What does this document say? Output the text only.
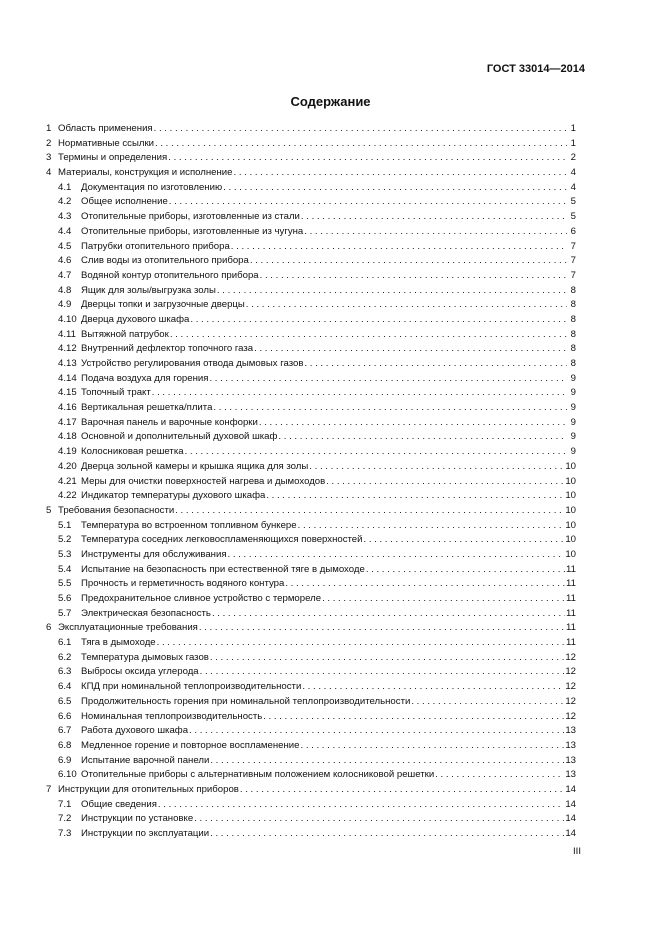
ГОСТ 33014—2014
Содержание
1 Область применения . . .	1
2 Нормативные ссылки . . .	1
3 Термины и определения . . .	2
4 Материалы, конструкция и исполнение . . .	4
4.1	Документация по изготовлению . . .	4
4.2	Общее исполнение . . .	5
4.3	Отопительные приборы, изготовленные из стали . . .	5
4.4	Отопительные приборы, изготовленные из чугуна . . .	6
4.5	Патрубки отопительного прибора . . .	7
4.6	Слив воды из отопительного прибора . . .	7
4.7	Водяной контур отопительного прибора . . .	7
4.8	Ящик для золы/выгрузка золы . . .	8
4.9	Дверцы топки и загрузочные дверцы . . .	8
4.10 Дверца духового шкафа . . .	8
4.11 Вытяжной патрубок . . .	8
4.12 Внутренний дефлектор топочного газа . . .	8
4.13 Устройство регулирования отвода дымовых газов . . .	8
4.14 Подача воздуха для горения . . .	9
4.15 Топочный тракт . . .	9
4.16 Вертикальная решетка/плита . . .	9
4.17 Варочная панель и варочные конфорки . . .	9
4.18 Основной и дополнительный духовой шкаф . . .	9
4.19 Колосниковая решетка . . .	9
4.20 Дверца зольной камеры и крышка ящика для золы . . .	10
4.21 Меры для очистки поверхностей нагрева и дымоходов . . .	10
4.22 Индикатор температуры духового шкафа . . .	10
5 Требования безопасности . . .	10
5.1	Температура во встроенном топливном бункере . . .	10
5.2	Температура соседних легковоспламеняющихся поверхностей . . .	10
5.3	Инструменты для обслуживания . . .	10
5.4	Испытание на безопасность при естественной тяге в дымоходе . . .	11
5.5	Прочность и герметичность водяного контура . . .	11
5.6	Предохранительное сливное устройство с термореле . . .	11
5.7	Электрическая безопасность . . .	11
6 Эксплуатационные требования . . .	11
6.1	Тяга в дымоходе . . .	11
6.2	Температура дымовых газов . . .	12
6.3	Выбросы оксида углерода . . .	12
6.4	КПД при номинальной теплопроизводительности . . .	12
6.5	Продолжительность горения при номинальной теплопроизводительности . . .	12
6.6	Номинальная теплопроизводительность . . .	12
6.7	Работа духового шкафа . . .	13
6.8	Медленное горение и повторное воспламенение . . .	13
6.9	Испытание варочной панели . . .	13
6.10 Отопительные приборы с альтернативным положением колосниковой решетки . . .	13
7 Инструкции для отопительных приборов . . .	14
7.1	Общие сведения . . .	14
7.2	Инструкции по установке . . .	14
7.3	Инструкции по эксплуатации . . .	14
III
